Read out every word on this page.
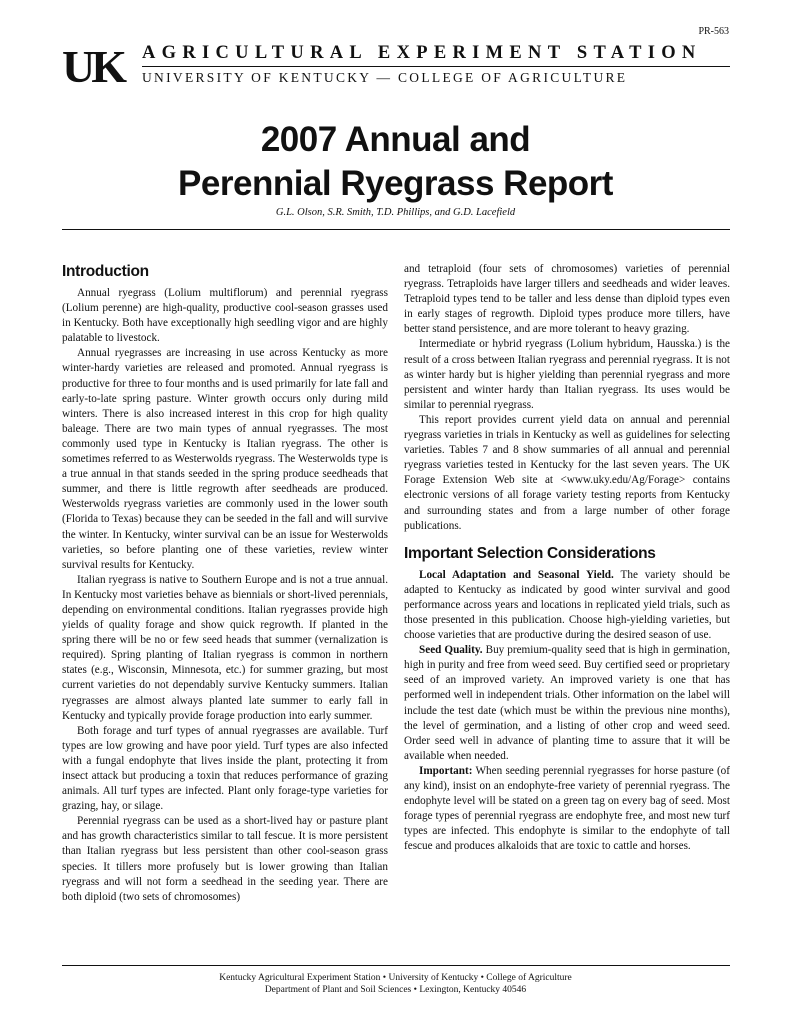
PR-563
UK AGRICULTURAL EXPERIMENT STATION
UNIVERSITY OF KENTUCKY — COLLEGE OF AGRICULTURE
2007 Annual and
Perennial Ryegrass Report
G.L. Olson, S.R. Smith, T.D. Phillips, and G.D. Lacefield
Introduction

Annual ryegrass (Lolium multiflorum) and perennial ryegrass (Lolium perenne) are high-quality, productive cool-season grasses used in Kentucky. Both have exceptionally high seedling vigor and are highly palatable to livestock.

Annual ryegrasses are increasing in use across Kentucky as more winter-hardy varieties are released and promoted. Annual ryegrass is productive for three to four months and is used primarily for late fall and early-to-late spring pasture. Winter growth occurs only during mild winters. There is also increased interest in this crop for high quality baleage. There are two main types of annual ryegrasses. The most commonly used type in Kentucky is Italian ryegrass. The other is sometimes referred to as Westerwolds ryegrass. The Westerwolds type is a true annual in that stands seeded in the spring produce seedheads that summer, and there is little regrowth after seedheads are produced. Westerwolds ryegrass varieties are commonly used in the lower south (Florida to Texas) because they can be seeded in the fall and will survive the winter. In Kentucky, winter survival can be an issue for Westerwolds varieties, so before planting one of these varieties, review winter survival results for Kentucky.

Italian ryegrass is native to Southern Europe and is not a true annual. In Kentucky most varieties behave as biennials or short-lived perennials, depending on environmental conditions. Italian ryegrasses provide high yields of quality forage and show quick regrowth. If planted in the spring there will be no or few seed heads that summer (vernalization is required). Spring planting of Italian ryegrass is common in northern states (e.g., Wisconsin, Minnesota, etc.) for summer grazing, but most current varieties do not dependably survive Kentucky summers. Italian ryegrasses are almost always planted late summer to early fall in Kentucky and typically provide forage production into early summer.

Both forage and turf types of annual ryegrasses are available. Turf types are low growing and have poor yield. Turf types are also infected with a fungal endophyte that lives inside the plant, protecting it from insect attack but producing a toxin that reduces performance of grazing animals. All turf types are infected. Plant only forage-type varieties for grazing, hay, or silage.

Perennial ryegrass can be used as a short-lived hay or pasture plant and has growth characteristics similar to tall fescue. It is more persistent than Italian ryegrass but less persistent than other cool-season grass species. It tillers more profusely but is lower growing than Italian ryegrass and will not form a seedhead in the seeding year. There are both diploid (two sets of chromosomes)

and tetraploid (four sets of chromosomes) varieties of perennial ryegrass. Tetraploids have larger tillers and seedheads and wider leaves. Tetraploid types tend to be taller and less dense than diploid types even in early stages of regrowth. Diploid types produce more tillers, have better stand persistence, and are more tolerant to heavy grazing.

Intermediate or hybrid ryegrass (Lolium hybridum, Hausska.) is the result of a cross between Italian ryegrass and perennial ryegrass. It is not as winter hardy but is higher yielding than perennial ryegrass and more persistent and winter hardy than Italian ryegrass. Its uses would be similar to perennial ryegrass.

This report provides current yield data on annual and perennial ryegrass varieties in trials in Kentucky as well as guidelines for selecting varieties. Tables 7 and 8 show summaries of all annual and perennial ryegrass varieties tested in Kentucky for the last seven years. The UK Forage Extension Web site at <www.uky.edu/Ag/Forage> contains electronic versions of all forage variety testing reports from Kentucky and surrounding states and from a large number of other forage publications.

Important Selection Considerations

Local Adaptation and Seasonal Yield. The variety should be adapted to Kentucky as indicated by good winter survival and good performance across years and locations in replicated yield trials, such as those presented in this publication. Choose high-yielding varieties, but choose varieties that are productive during the desired season of use.

Seed Quality. Buy premium-quality seed that is high in germination, high in purity and free from weed seed. Buy certified seed or proprietary seed of an improved variety. An improved variety is one that has performed well in independent trials. Other information on the label will include the test date (which must be within the previous nine months), the level of germination, and a listing of other crop and weed seed. Order seed well in advance of planting time to assure that it will be available when needed.

Important: When seeding perennial ryegrasses for horse pasture (of any kind), insist on an endophyte-free variety of perennial ryegrass. The endophyte level will be stated on a green tag on every bag of seed. Most forage types of perennial ryegrass are endophyte free, and most new turf types are infected. This endophyte is similar to the endophyte of tall fescue and produces alkaloids that are toxic to cattle and horses.

Kentucky Agricultural Experiment Station • University of Kentucky • College of Agriculture
Department of Plant and Soil Sciences • Lexington, Kentucky 40546
